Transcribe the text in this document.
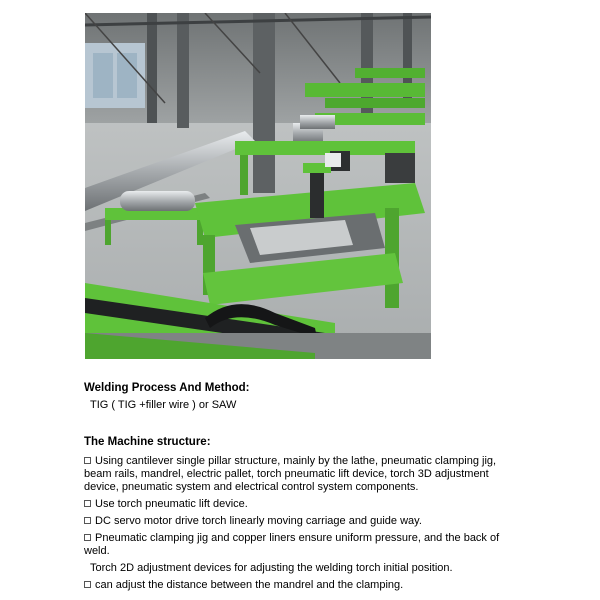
Welding Process And Method:
TIG ( TIG +filler wire ) or SAW
The Machine structure:
Using cantilever single pillar structure, mainly by the lathe, pneumatic clamping jig, beam rails, mandrel, electric pallet, torch pneumatic lift device, torch 3D adjustment device, pneumatic system and electrical control system components.
Use torch pneumatic lift device.
DC servo motor drive torch linearly moving carriage and guide way.
Pneumatic clamping jig and copper liners ensure uniform pressure, and the back of weld.
Torch 2D adjustment devices for adjusting the welding torch initial position.
can adjust the distance between the mandrel and the clamping.
